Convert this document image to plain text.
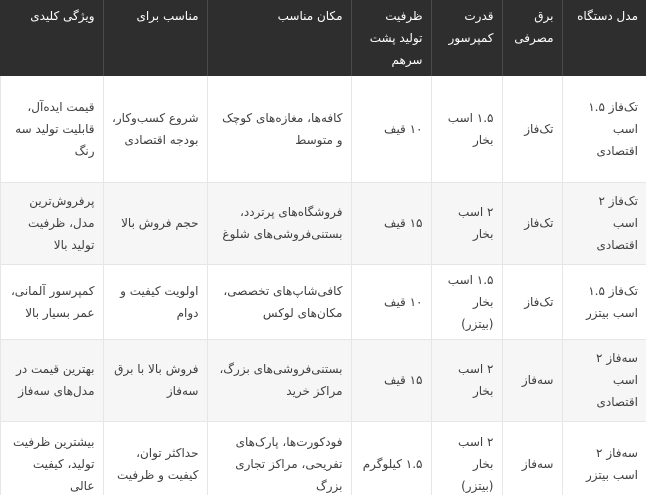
مدل دستگاه	برق مصرفی	قدرت کمپرسور	ظرفیت تولید پشت سرهم	مکان مناسب	مناسب برای	ویژگی کلیدی
تک‌فاز ۱.۵ اسب اقتصادی	تک‌فاز	۱.۵ اسب بخار	۱۰ قیف	کافه‌ها، مغازه‌های کوچک و متوسط	شروع کسب‌وکار، بودجه اقتصادی	قیمت ایده‌آل، قابلیت تولید سه رنگ
تک‌فاز ۲ اسب اقتصادی	تک‌فاز	۲ اسب بخار	۱۵ قیف	فروشگاه‌های پرتردد، بستنی‌فروشی‌های شلوغ	حجم فروش بالا	پرفروش‌ترین مدل، ظرفیت تولید بالا
تک‌فاز ۱.۵ اسب بیتزر	تک‌فاز	۱.۵ اسب بخار (بیتزر)	۱۰ قیف	کافی‌شاپ‌های تخصصی، مکان‌های لوکس	اولویت کیفیت و دوام	کمپرسور آلمانی، عمر بسیار بالا
سه‌فاز ۲ اسب اقتصادی	سه‌فاز	۲ اسب بخار	۱۵ قیف	بستنی‌فروشی‌های بزرگ، مراکز خرید	فروش بالا با برق سه‌فاز	بهترین قیمت در مدل‌های سه‌فاز
سه‌فاز ۲ اسب بیتزر	سه‌فاز	۲ اسب بخار (بیتزر)	۱.۵ کیلوگرم	فودکورت‌ها، پارک‌های تفریحی، مراکز تجاری بزرگ	حداکثر توان، کیفیت و ظرفیت	بیشترین ظرفیت تولید، کیفیت عالی
